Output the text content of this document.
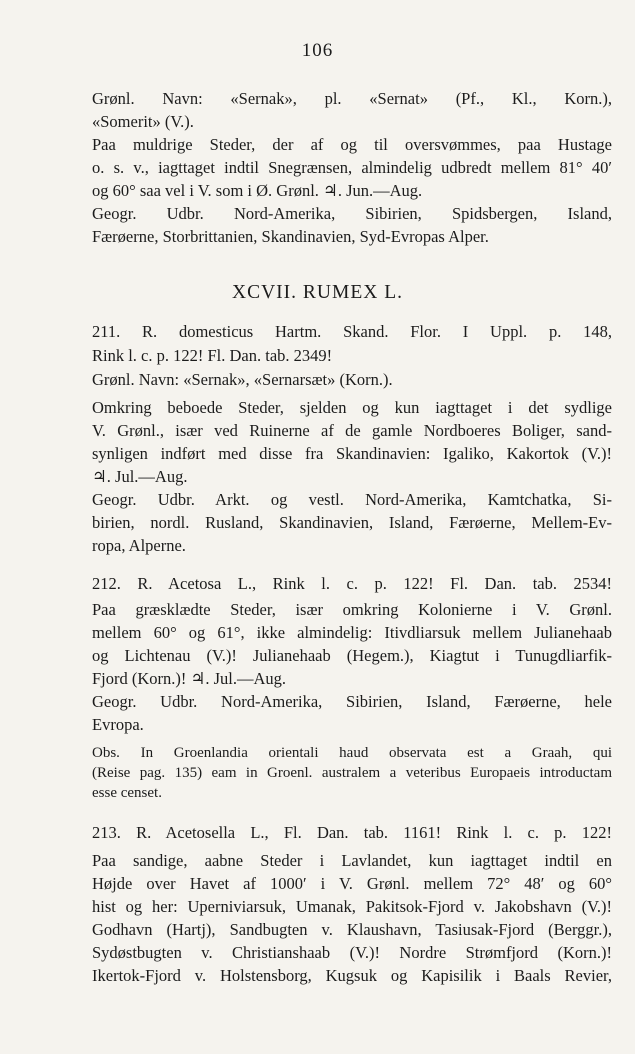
106
Grønl. Navn: «Sernak», pl. «Sernat» (Pf., Kl., Korn.),
«Somerit» (V.).
Paa muldrige Steder, der af og til oversvømmes, paa Hustage
o. s. v., iagttaget indtil Snegrænsen, almindelig udbredt mellem 81° 40′
og 60° saa vel i V. som i Ø. Grønl. ♃. Jun.—Aug.
Geogr. Udbr. Nord-Amerika, Sibirien, Spidsbergen, Island,
Færøerne, Storbrittanien, Skandinavien, Syd-Evropas Alper.
XCVII. RUMEX L.
211. R. domesticus Hartm. Skand. Flor. I Uppl. p. 148,
Rink l. c. p. 122! Fl. Dan. tab. 2349!
Grønl. Navn: «Sernak», «Sernarsæt» (Korn.).
Omkring beboede Steder, sjelden og kun iagttaget i det sydlige
V. Grønl., især ved Ruinerne af de gamle Nordboeres Boliger, sand-
synligen indført med disse fra Skandinavien: Igaliko, Kakortok (V.)!
♃. Jul.—Aug.
Geogr. Udbr. Arkt. og vestl. Nord-Amerika, Kamtchatka, Si-
birien, nordl. Rusland, Skandinavien, Island, Færøerne, Mellem-Ev-
ropa, Alperne.
212. R. Acetosa L., Rink l. c. p. 122! Fl. Dan. tab. 2534!
Paa græsklædte Steder, især omkring Kolonierne i V. Grønl.
mellem 60° og 61°, ikke almindelig: Itivdliarsuk mellem Julianehaab
og Lichtenau (V.)! Julianehaab (Hegem.), Kiagtut i Tunugdliarfik-
Fjord (Korn.)! ♃. Jul.—Aug.
Geogr. Udbr. Nord-Amerika, Sibirien, Island, Færøerne, hele
Evropa.
Obs. In Groenlandia orientali haud observata est a Graah, qui
(Reise pag. 135) eam in Groenl. australem a veteribus Europaeis introductam
esse censet.
213. R. Acetosella L., Fl. Dan. tab. 1161! Rink l. c. p. 122!
Paa sandige, aabne Steder i Lavlandet, kun iagttaget indtil en
Højde over Havet af 1000′ i V. Grønl. mellem 72° 48′ og 60°
hist og her: Uperniviarsuk, Umanak, Pakitsok-Fjord v. Jakobshavn (V.)!
Godhavn (Hartj), Sandbugten v. Klaushavn, Tasiusak-Fjord (Berggr.),
Sydøstbugten v. Christianshaab (V.)! Nordre Strømfjord (Korn.)!
Ikertok-Fjord v. Holstensborg, Kugsuk og Kapisilik i Baals Revier,
